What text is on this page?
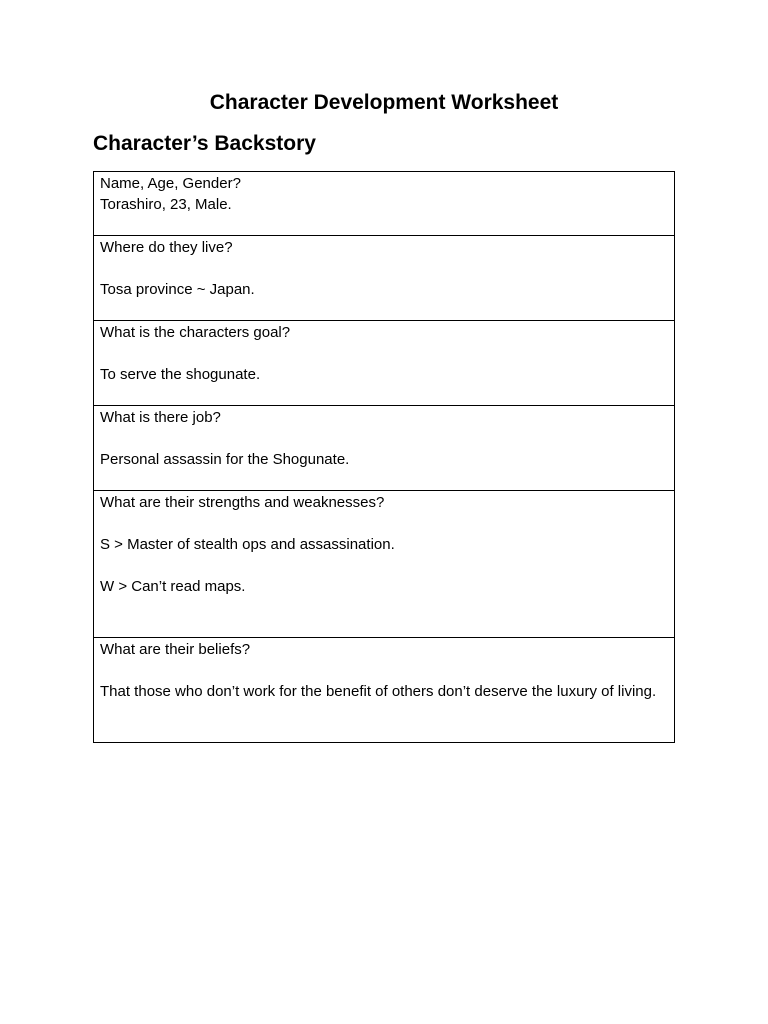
Character Development Worksheet
Character’s Backstory
Name, Age, Gender?
Torashiro, 23, Male.

Where do they live?
Tosa province ~ Japan.

What is the characters goal?
To serve the shogunate.

What is there job?
Personal assassin for the Shogunate.

What are their strengths and weaknesses?
S > Master of stealth ops and assassination.
W > Can’t read maps.

What are their beliefs?
That those who don’t work for the benefit of others don’t deserve the luxury of living.
